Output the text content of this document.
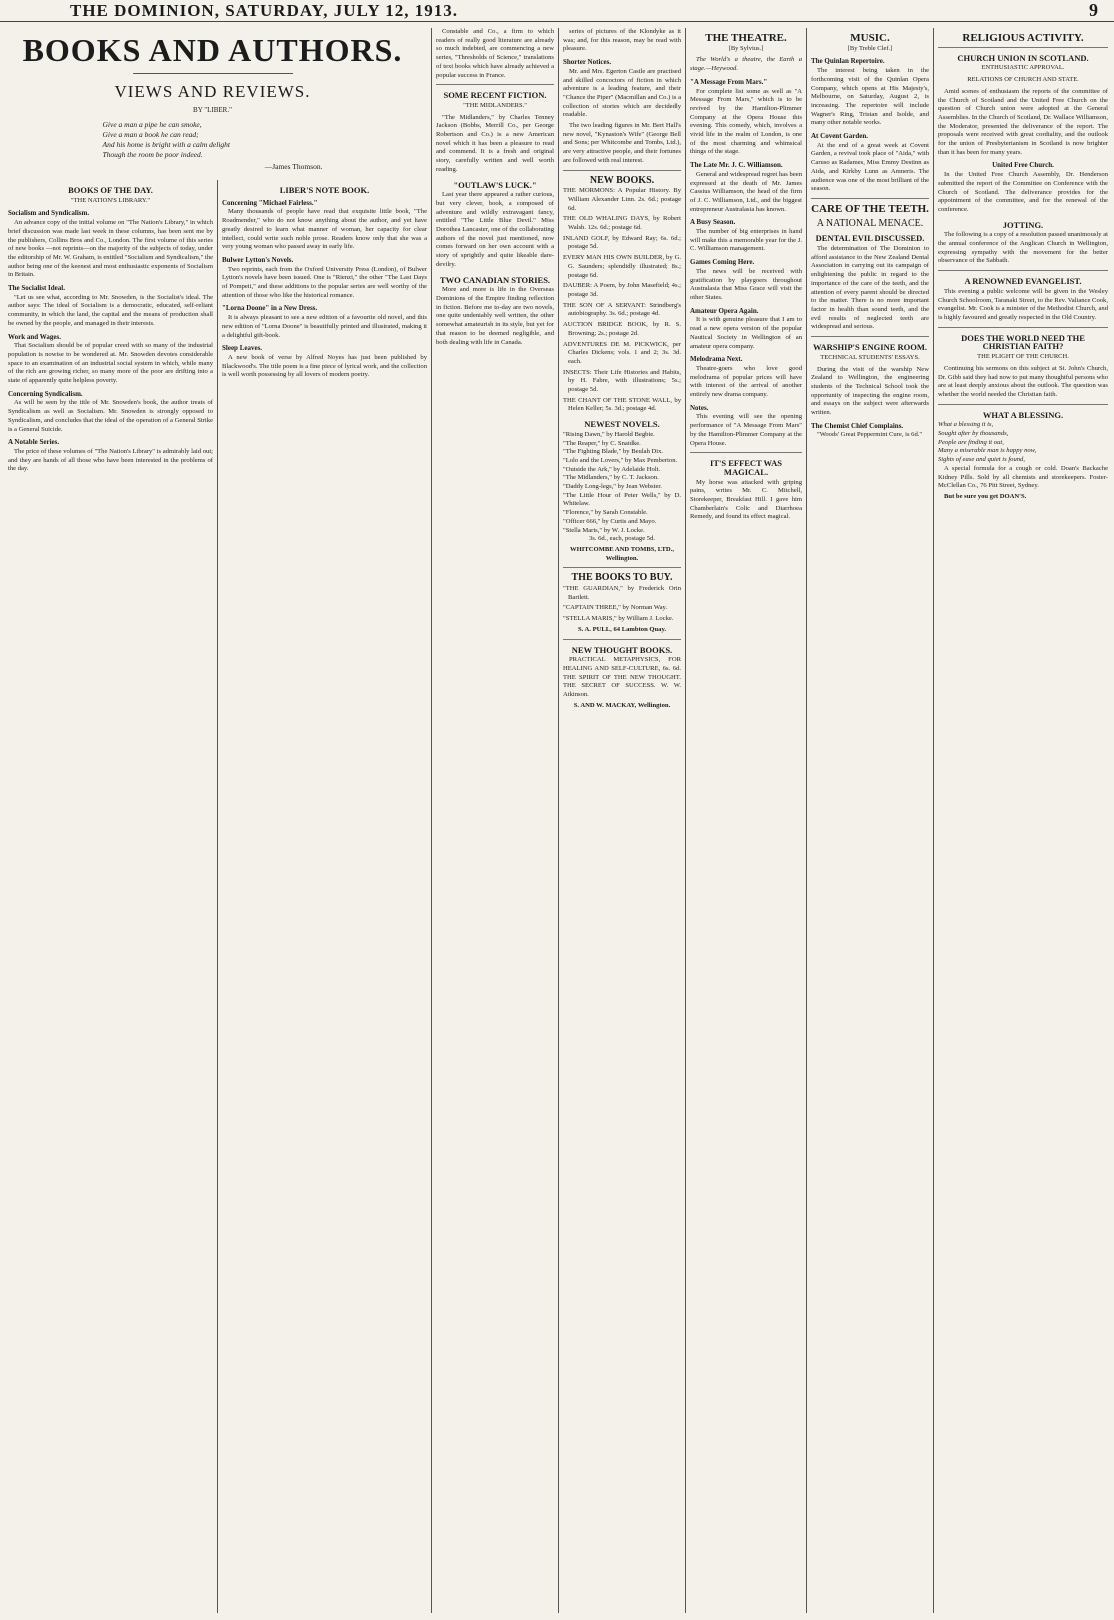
THE DOMINION, SATURDAY, JULY 12, 1913.	9
BOOKS AND AUTHORS.
VIEWS AND REVIEWS.
BY "LIBER."
Give a man a pipe he can smoke,
Give a man a book he can read;
And his home is bright with a calm delight
Though the room be poor indeed.
—James Thomson.
BOOKS OF THE DAY.
"THE NATION'S LIBRARY."
Socialism and Syndicalism.

An advance copy of the initial volume on "The Nation's Library," in which brief discussion was made last week in these columns, has been sent me by the publishers, Collins Bros and Co., London. The first volume of this series of new books —not reprints—on the majority of the subjects of today, under the editorship of Mr. W. Graham, is entitled "Socialism and Syndicalism," the author being one of the keenest and most enthusiastic exponents of Socialism in Britain.

The Socialist Ideal.

"Let us see what, according to Mr. Snowden, is the Socialist's ideal. The author says: The ideal of Socialism is a democratic, educated, self-reliant community, in which the land, the capital and the means of production shall be owned by the people, and managed in their interests.

Work and Wages.

That Socialism should be of popular creed with so many of the industrial population is nowise to be wondered at. Mr. Snowden devotes considerable space to an examination of an industrial social system in which, while many of the rich are growing richer, so many more of the poor are drifting into a state of apparently quite helpless poverty.

Concerning Syndicalism.

As will be seen by the title of Mr. Snowden's book, the author treats of Syndicalism as well as Socialism. Mr. Snowden is strongly opposed to Syndicalism, and concludes that the ideal of the operation of a General Strike is a General Suicide.

A Notable Series.

The price of these volumes of "The Nation's Library" is admirably laid out; and they are hands of all those who have been interested in the problems of the day.

LIBER'S NOTE BOOK.
Concerning "Michael Fairless."

Many thousands of people have read that exquisite little book, "The Roadmender," who do not know anything about the author, and yet have greatly desired to learn what manner of woman, her capacity for clear intellect, could write such noble prose. Readers know only that she was a very young woman who passed away in early life.

Bulwer Lytton's Novels.

Two reprints, each from the Oxford University Press (London), of Bulwer Lytton's novels have been issued. One is "Rienzi," the other "The Last Days of Pompeii," and these additions to the popular series are well worthy of the attention of those who like the historical romance.

"Lorna Doone" in a New Dress.

It is always pleasant to see a new edition of a favourite old novel, and this new edition of "Lorna Doone" is beautifully printed and illustrated, making it a delightful gift-book.

Sleep Leaves.

A new book of verse by Alfred Noyes has just been published by Blackwood's. The title poem is a fine piece of lyrical work, and the collection is well worth possessing by all lovers of modern poetry.

Constable and Co., a firm to which readers of really good literature are already so much indebted, are commencing a new series, "Thresholds of Science," translations of text books which have already achieved a popular success in France.

SOME RECENT FICTION.
"THE MIDLANDERS."

"The Midlanders," by Charles Tenney Jackson (Bobbs, Merrill Co., per George Robertson and Co.) is a new American novel which it has been a pleasure to read and commend. It is a fresh and original story, carefully written and well worth reading.

"OUTLAW'S LUCK."

Last year there appeared a rather curious, but very clever, book, a composed of adventure and wildly extravagant fancy, entitled "The Little Blue Devil." Miss Dorothea Lancaster, one of the collaborating authors of the novel just mentioned, now comes forward on her own account with a story of sprightly and quite likeable dare-devilry.

TWO CANADIAN STORIES.

More and more is life in the Overseas Dominions of the Empire finding reflection in fiction. Before me to-day are two novels, one quite undeniably well written, the other somewhat amateurish in its style, but yet for that reason to be deemed negligible, and both dealing with life in Canada.

series of pictures of the Klondyke as it was; and, for this reason, may be read with pleasure.

Shorter Notices.

Mr. and Mrs. Egerton Castle are practised and skilled concoctors of fiction in which adventure is a leading feature, and their "Chance the Piper" (Macmillan and Co.) is a collection of stories which are decidedly readable.

The two leading figures in Mr. Bert Hall's new novel, "Kynaston's Wife" (George Bell and Sons; per Whitcombe and Tombs, Ltd.), are very attractive people, and their fortunes are followed with real interest.

NEW BOOKS.
THE MORMONS: A Popular History. By William Alexander Linn. 2s. 6d.; postage 6d.
THE OLD WHALING DAYS, by Robert Walsh. 12s. 6d.; postage 6d.
INLAND GOLF, by Edward Ray; 6s. 6d.; postage 5d.
EVERY MAN HIS OWN BUILDER, by G. G. Saunders; splendidly illustrated; 8s.; postage 6d.
DAUBER: A Poem, by John Masefield; 4s.; postage 3d.
THE SON OF A SERVANT: Strindberg's autobiography. 3s. 6d.; postage 4d.
AUCTION BRIDGE BOOK, by R. S. Browning; 2s.; postage 2d.
ADVENTURES DE M. PICKWICK, per Charles Dickens; vols. 1 and 2; 3s. 3d. each.
INSECTS: Their Life Histories and Habits, by H. Fabre, with illustrations; 5s.; postage 5d.
THE CHANT OF THE STONE WALL, by Helen Keller; 5s. 3d.; postage 4d.
NEWEST NOVELS.
"Rising Dawn," by Harold Begbie.
"The Reaper," by C. Snaidke.
"The Fighting Blade," by Beulah Dix.
"Lolo and the Lovers," by Max Pemberton.
"Outside the Ark," by Adelaide Holt.
"The Midlanders," by C. T. Jackson.
"Daddy Long-legs," by Jean Webster.
"The Little Hour of Peter Wells," by D. Whitelaw.
"Florence," by Sarah Constable.
"Officer 666," by Curtis and Mayo.
"Stella Maris," by W. J. Locke.
3s. 6d., each, postage 5d.
WHITCOMBE AND TOMBS, LTD., Wellington.
THE BOOKS TO BUY.
"THE GUARDIAN," by Frederick Orin Bartlett.
"CAPTAIN THREE," by Norman Way.
"STELLA MARIS," by William J. Locke.
S. A. PULL, 64 Lambton Quay.
NEW THOUGHT BOOKS.

PRACTICAL METAPHYSICS, FOR HEALING AND SELF-CULTURE, 6s. 6d. THE SPIRIT OF THE NEW THOUGHT. THE SECRET OF SUCCESS. W. W. Atkinson.

S. AND W. MACKAY, Wellington.
THE THEATRE.
[By Sylvius.]

The World's a theatre, the Earth a stage.—Heywood.

"A Message From Mars."

For complete list some as well as "A Message From Mars," which is to be revived by the Hamilton-Plimmer Company at the Opera House this evening. This comedy, which, involves a vivid life in the realm of London, is one of the most charming and whimsical things of the stage.

The Late Mr. J. C. Williamson.

General and widespread regret has been expressed at the death of Mr. James Cassius Williamson, the head of the firm of J. C. Williamson, Ltd., and the biggest entrepreneur Australasia has known.

A Busy Season.

The number of big enterprises in hand will make this a memorable year for the J. C. Williamson management.

Games Coming Here.

The news will be received with gratification by playgoers throughout Australasia that Miss Grace will visit the other States.

Amateur Opera Again.

It is with genuine pleasure that I am to read a new opera version of the popular Nautical Society in Wellington of an amateur opera company.

Melodrama Next.

Theatre-goers who love good melodrama of popular prices will have with interest of the arrival of another entirely new drama company.

Notes.

This evening will see the opening performance of "A Message From Mars" by the Hamilton-Plimmer Company at the Opera House.

IT'S EFFECT WAS MAGICAL.

My horse was attacked with griping pains, writes Mr. C. Mitchell, Storekeeper, Breakfast Hill. I gave him Chamberlain's Colic and Diarrhoea Remedy, and found its effect magical.

MUSIC.
[By Treble Clef.]
The Quinlan Repertoire.

The interest being taken in the forthcoming visit of the Quinlan Opera Company, which opens at His Majesty's, Melbourne, on Saturday, August 2, is increasing. The repertoire will include Wagner's Ring, Tristan and Isolde, and many other notable works.

At Covent Garden.

At the end of a great week at Covent Garden, a revival took place of "Aida," with Caruso as Radames, Miss Emmy Destinn as Aida, and Kirkby Lunn as Amneris. The audience was one of the most brilliant of the season.

CARE OF THE TEETH.
A NATIONAL MENACE.
DENTAL EVIL DISCUSSED.

The determination of The Dominion to afford assistance to the New Zealand Dental Association in carrying out its campaign of enlightening the public in regard to the importance of the care of the teeth, and the attention of every parent should be directed to the matter. There is no more important factor in health than sound teeth, and the evil results of neglected teeth are widespread and serious.

WARSHIP'S ENGINE ROOM.
TECHNICAL STUDENTS' ESSAYS.

During the visit of the warship New Zealand to Wellington, the engineering students of the Technical School took the opportunity of inspecting the engine room, and essays on the subject were afterwards written.

The Chemist Chief Complains.

"Woods' Great Peppermint Cure, is 6d."

RELIGIOUS ACTIVITY.
CHURCH UNION IN SCOTLAND.
ENTHUSIASTIC APPROVAL.
RELATIONS OF CHURCH AND STATE.

Amid scenes of enthusiasm the reports of the committee of the Church of Scotland and the United Free Church on the question of Church union were adopted at the General Assemblies. In the Church of Scotland, Dr. Wallace Williamson, the Moderator, presented the deliverance of the report. The proposals were received with great cordiality, and the outlook for the union of Presbyterianism in Scotland is now brighter than it has been for many years.

United Free Church.

In the United Free Church Assembly, Dr. Henderson submitted the report of the Committee on Conference with the Church of Scotland. The deliverance provides for the appointment of the committee, and for the renewal of the conference.

JOTTING.

The following is a copy of a resolution passed unanimously at the annual conference of the Anglican Church in Wellington, expressing sympathy with the movement for the better observance of the Sabbath.

A RENOWNED EVANGELIST.

This evening a public welcome will be given in the Wesley Church Schoolroom, Taranaki Street, to the Rev. Valiance Cook, evangelist. Mr. Cook is a minister of the Methodist Church, and is highly favoured and greatly respected in the Old Country.

DOES THE WORLD NEED THE CHRISTIAN FAITH?
THE PLIGHT OF THE CHURCH.

Continuing his sermons on this subject at St. John's Church, Dr. Gibb said they had now to put many thoughtful persons who are at least deeply anxious about the outlook. The question was whether the world needed the Christian faith.

WHAT A BLESSING.
What a blessing it is,
Sought after by thousands,
People are finding it out,
Many a miserable man is happy now,
Sights of ease and quiet is found,

A special formula for a cough or cold. Doan's Backache Kidney Pills. Sold by all chemists and storekeepers. Foster-McClellan Co., 76 Pitt Street, Sydney.

But be sure you get DOAN'S.
